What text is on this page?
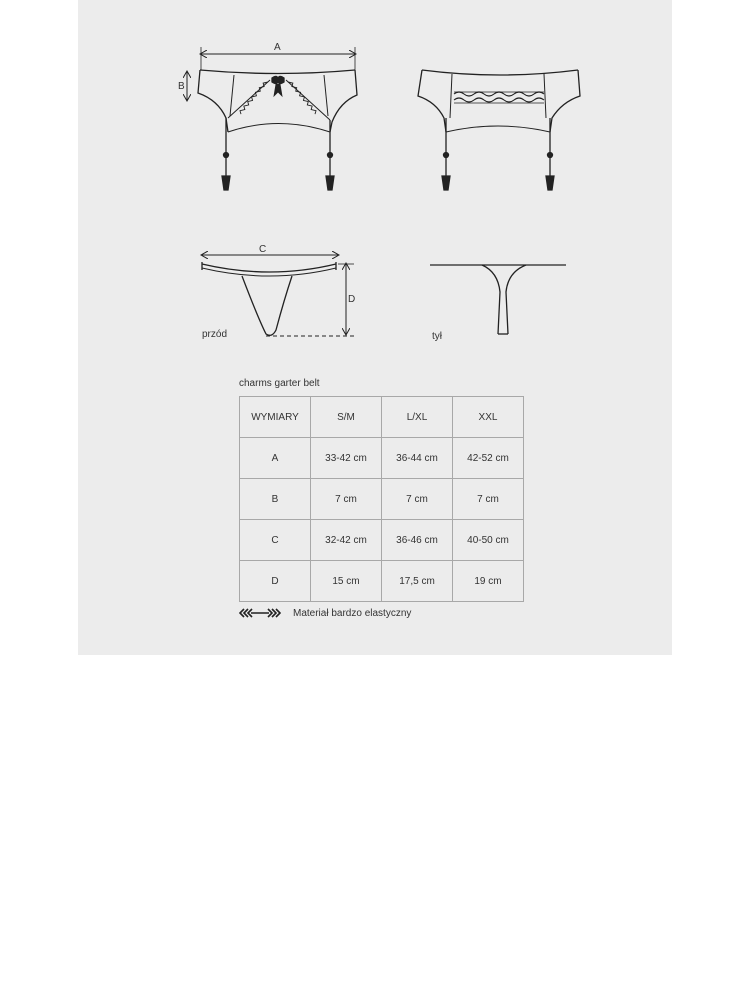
A
B
C
D
przód	tył
charms garter belt
WYMIARY	S/M	L/XL	XXL
A	33-42 cm	36-44 cm	42-52 cm
B	7 cm	7 cm	7 cm
C	32-42 cm	36-46 cm	40-50 cm
D	15 cm	17,5 cm	19 cm
Materiał bardzo elastyczny
